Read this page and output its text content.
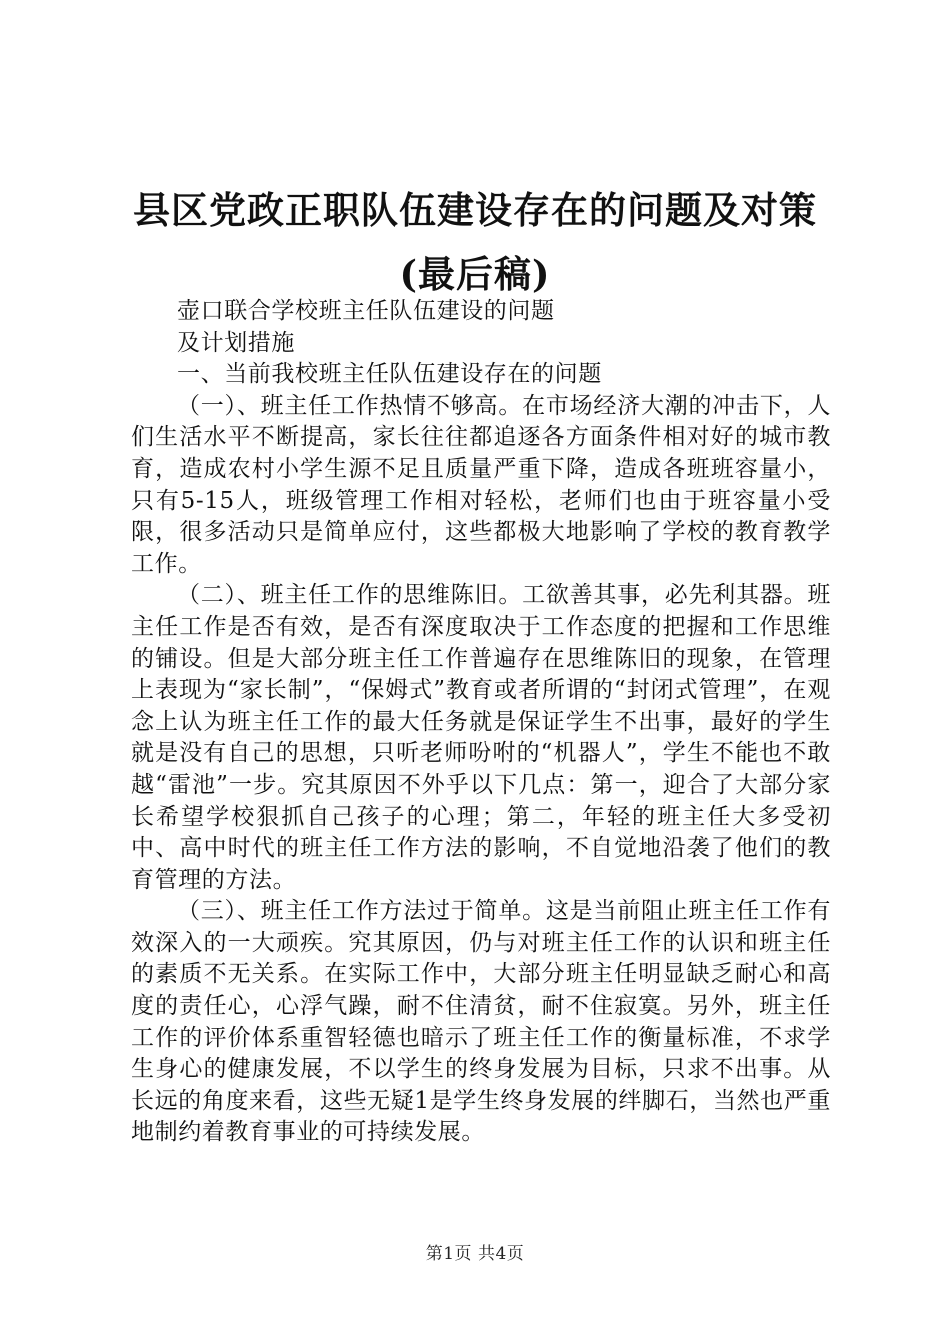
县区党政正职队伍建设存在的问题及对策(最后稿)

壶口联合学校班主任队伍建设的问题

及计划措施

一、当前我校班主任队伍建设存在的问题

（一）、班主任工作热情不够高。在市场经济大潮的冲击下，人们生活水平不断提高，家长往往都追逐各方面条件相对好的城市教育，造成农村小学生源不足且质量严重下降，造成各班班容量小，只有5-15人，班级管理工作相对轻松，老师们也由于班容量小受限，很多活动只是简单应付，这些都极大地影响了学校的教育教学工作。

（二）、班主任工作的思维陈旧。工欲善其事，必先利其器。班主任工作是否有效，是否有深度取决于工作态度的把握和工作思维的铺设。但是大部分班主任工作普遍存在思维陈旧的现象，在管理上表现为“家长制”，“保姆式”教育或者所谓的“封闭式管理”，在观念上认为班主任工作的最大任务就是保证学生不出事，最好的学生就是没有自己的思想，只听老师吩咐的“机器人”，学生不能也不敢越“雷池”一步。究其原因不外乎以下几点：第一，迎合了大部分家长希望学校狠抓自己孩子的心理；第二，年轻的班主任大多受初中、高中时代的班主任工作方法的影响，不自觉地沿袭了他们的教育管理的方法。

（三）、班主任工作方法过于简单。这是当前阻止班主任工作有效深入的一大顽疾。究其原因，仍与对班主任工作的认识和班主任的素质不无关系。在实际工作中，大部分班主任明显缺乏耐心和高度的责任心，心浮气躁，耐不住清贫，耐不住寂寞。另外，班主任工作的评价体系重智轻德也暗示了班主任工作的衡量标准，不求学生身心的健康发展，不以学生的终身发展为目标，只求不出事。从长远的角度来看，这些无疑1是学生终身发展的绊脚石，当然也严重地制约着教育事业的可持续发展。

第1页 共4页
